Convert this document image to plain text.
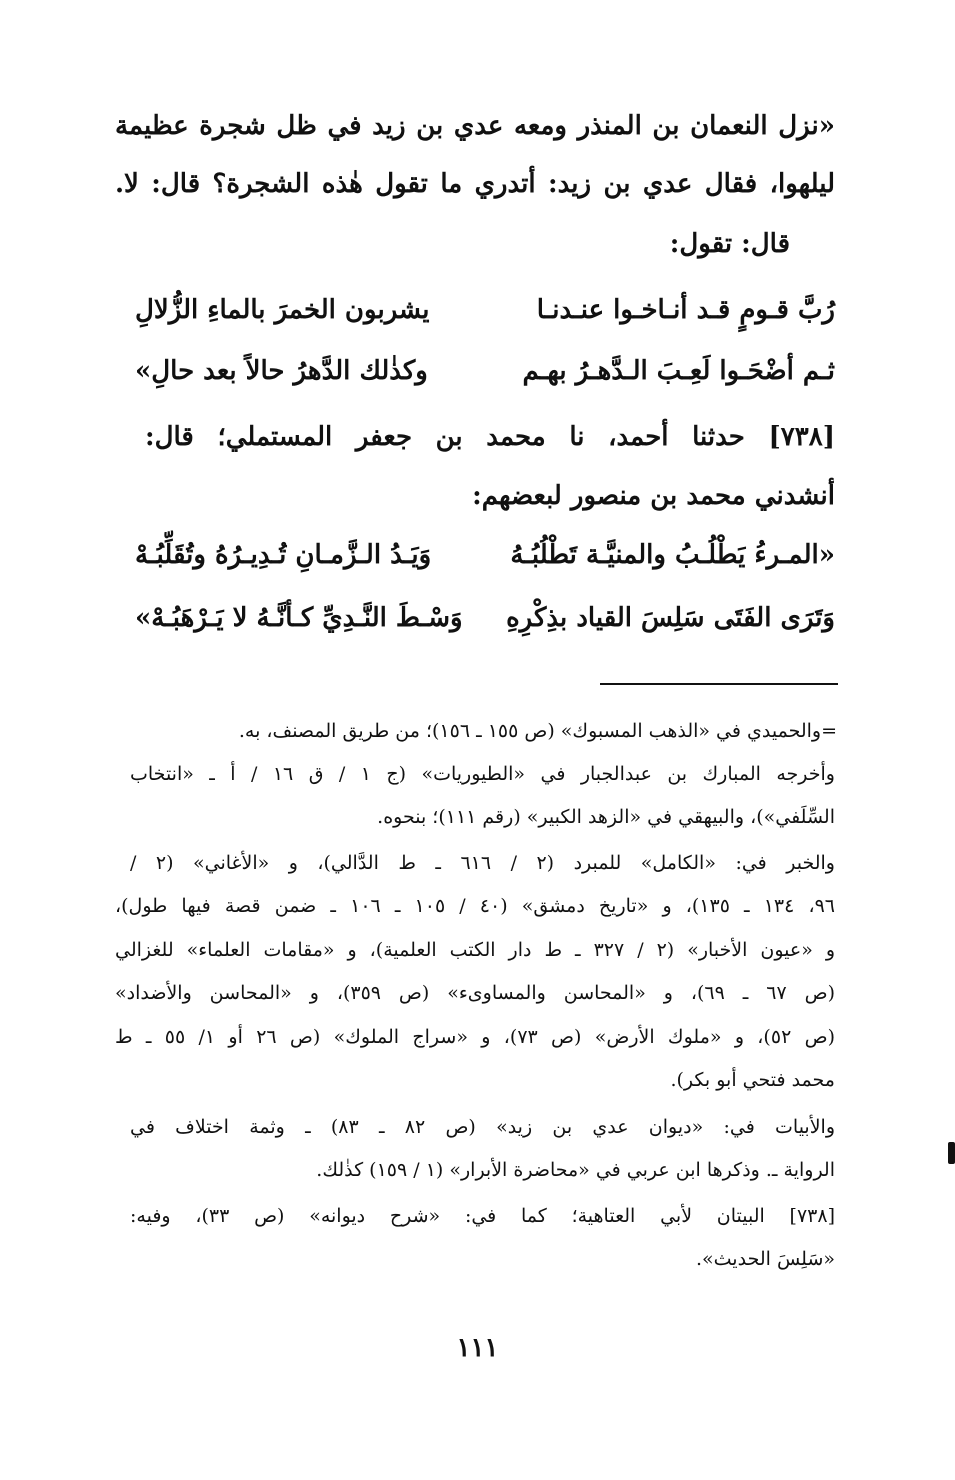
«نزل النعمان بن المنذر ومعه عدي بن زيد في ظل شجرة عظيمة
ليلهوا، فقال عدي بن زيد: أتدري ما تقول هٰذه الشجرة؟ قال: لا.
قال: تقول:
رُبَّ قـومٍ قـد أنـاخـوا عنـدنـا
يشربون الخمرَ بالماءِ الزُّلالِ
ثـم أضْحَـوا لَعِـبَ الـدَّهـرُ بهـم
وكذٰلك الدَّهرُ حالاً بعد حالِ»
[٧٣٨] حدثنا أحمد، نا محمد بن جعفر المستملي؛ قال:
أنشدني محمد بن منصور لبعضهم:
«المـرءُ يَطْلُـبُ والمنيَّـة تَطْلُبُـهُ
وَيَـدُ الـزَّمـانِ تُـدِيـرُهُ وتُقَلِّبُـهْ
وَتَرَى الفَتَى سَلِسَ القياد بذِكْرِهِ
وَسْـطَ النَّـدِيِّ كـأنَّـهُ لا يَـرْهَبُـهْ»
=والحميدي في «الذهب المسبوك» (ص ١٥٥ ـ ١٥٦)؛ من طريق المصنف، به.
وأخرجه المبارك بن عبدالجبار في «الطيوريات» (ج ١ / ق ١٦ / أ ـ «انتخاب
السِّلَفي»)، والبيهقي في «الزهد الكبير» (رقم ١١١)؛ بنحوه.
والخبر في: «الكامل» للمبرد (٢ / ٦١٦ ـ ط الدَّالي)، و «الأغاني» (٢ /
٩٦، ١٣٤ ـ ١٣٥)، و «تاريخ دمشق» (٤٠ / ١٠٥ ـ ١٠٦ ـ ضمن قصة فيها طول)،
و «عيون الأخبار» (٢ / ٣٢٧ ـ ط دار الكتب العلمية)، و «مقامات العلماء» للغزالي
(ص ٦٧ ـ ٦٩)، و «المحاسن والمساوىء» (ص ٣٥٩)، و «المحاسن والأضداد»
(ص ٥٢)، و «ملوك الأرض» (ص ٧٣)، و «سراج الملوك» (ص ٢٦ أو ١/ ٥٥ ـ ط
محمد فتحي أبو بكر).
والأبيات في: «ديوان عدي بن زيد» (ص ٨٢ ـ ٨٣) ـ وثمة اختلاف في
الرواية ـ. وذكرها ابن عربي في «محاضرة الأبرار» (١ / ١٥٩) كذٰلك.
[٧٣٨] البيتان لأبي العتاهية؛ كما في: «شرح ديوانه» (ص ٣٣)، وفيه:
«سَلِسَ الحديث».
١١١
